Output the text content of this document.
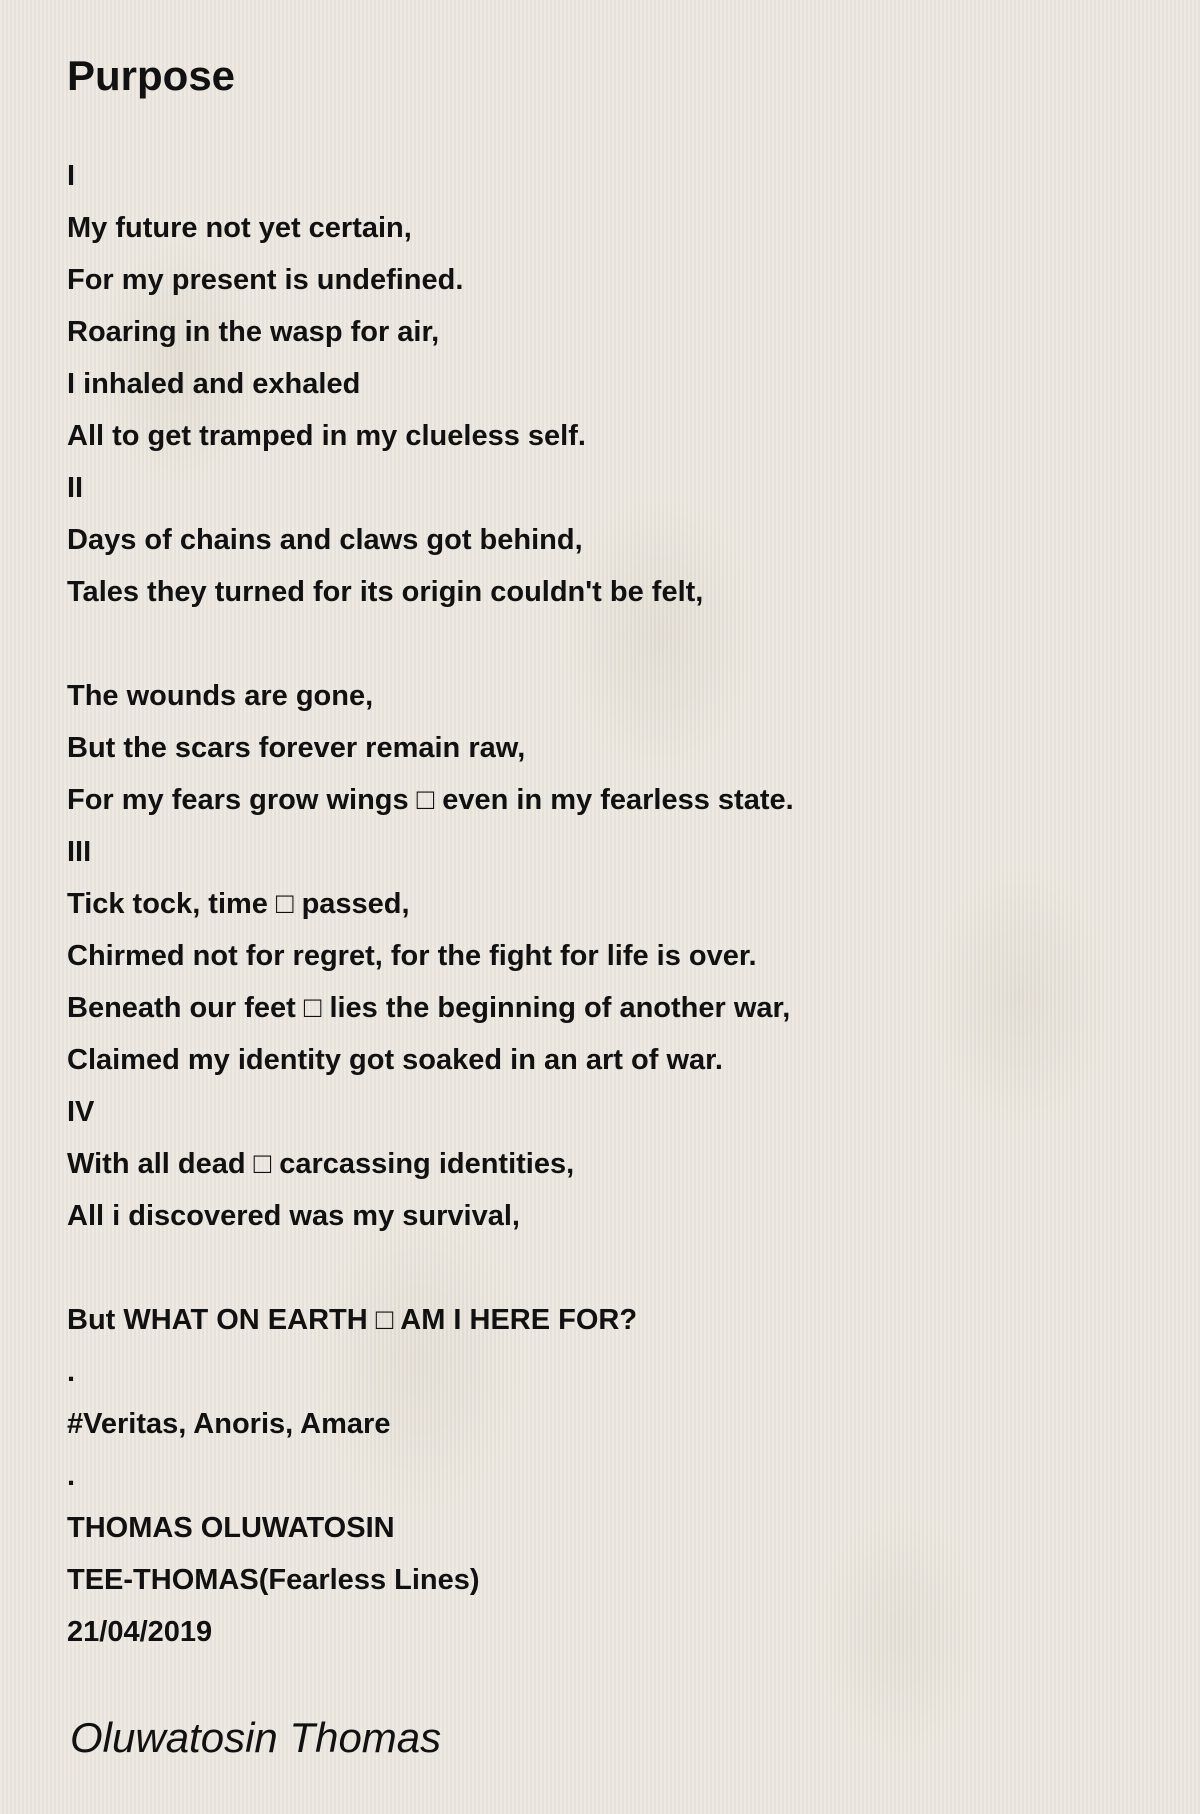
Purpose
I
My future not yet certain,
For my present is undefined.
Roaring in the wasp for air,
I inhaled and exhaled
All to get tramped in my clueless self.
II
Days of chains and claws got behind,
Tales they turned for its origin couldn't be felt,
The wounds are gone,
But the scars forever remain raw,
For my fears grow wings □ even in my fearless state.
III
Tick tock, time □ passed,
Chirmed not for regret, for the fight for life is over.
Beneath our feet □ lies the beginning of another war,
Claimed my identity got soaked in an art of war.
IV
With all dead □ carcassing identities,
All i discovered was my survival,
But WHAT ON EARTH □ AM I HERE FOR?
.
#Veritas, Anoris, Amare
.
THOMAS OLUWATOSIN
TEE-THOMAS(Fearless Lines)
21/04/2019
Oluwatosin Thomas
